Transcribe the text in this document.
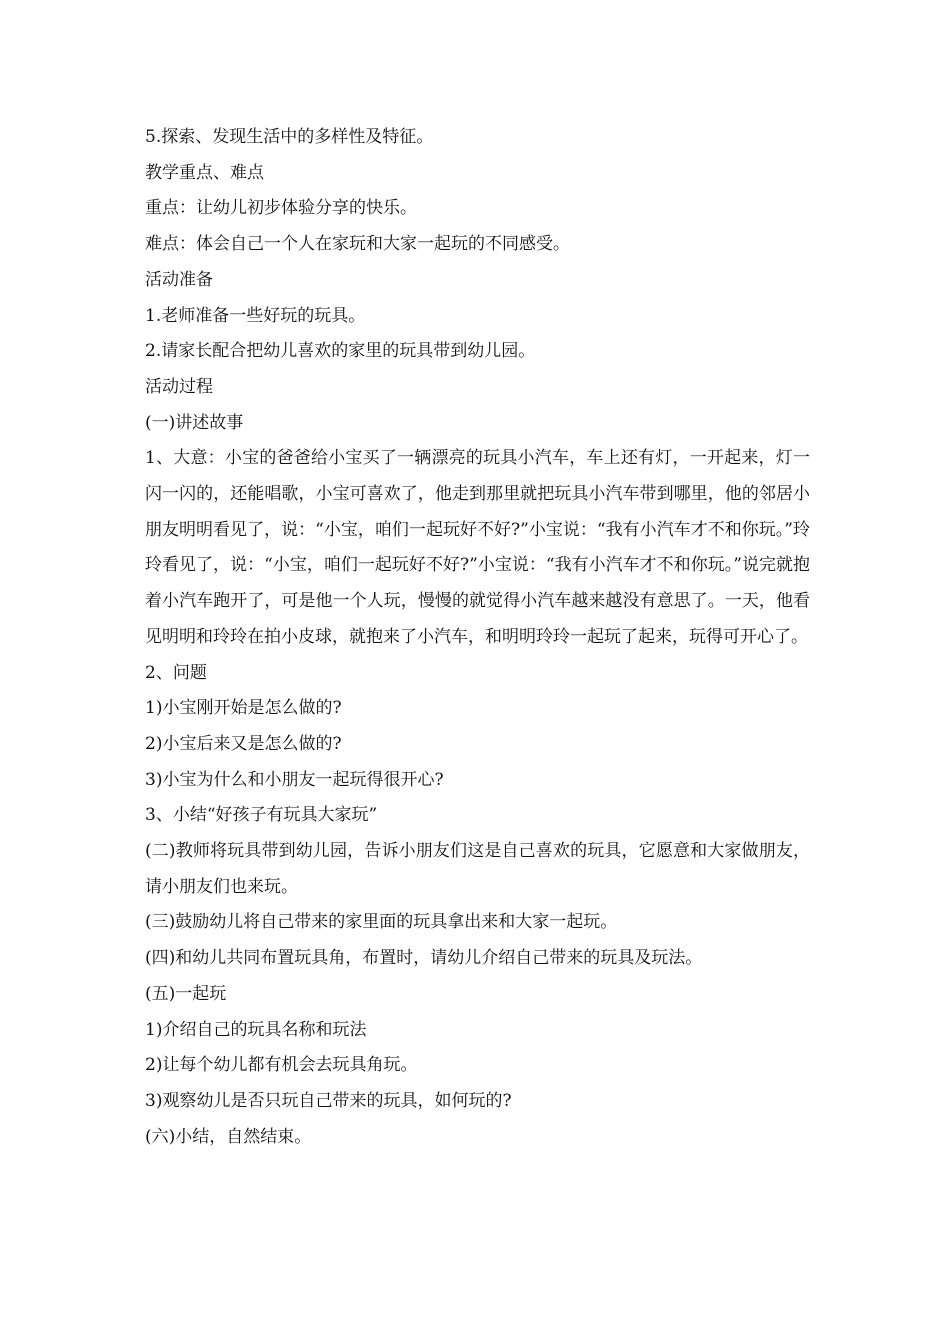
5.探索、发现生活中的多样性及特征。

教学重点、难点

重点：让幼儿初步体验分享的快乐。

难点：体会自己一个人在家玩和大家一起玩的不同感受。

活动准备

1.老师准备一些好玩的玩具。

2.请家长配合把幼儿喜欢的家里的玩具带到幼儿园。

活动过程

(一)讲述故事

1、大意：小宝的爸爸给小宝买了一辆漂亮的玩具小汽车，车上还有灯，一开起来，灯一闪一闪的，还能唱歌，小宝可喜欢了，他走到那里就把玩具小汽车带到哪里，他的邻居小朋友明明看见了，说：“小宝，咱们一起玩好不好?”小宝说：“我有小汽车才不和你玩。”玲玲看见了，说：“小宝，咱们一起玩好不好?”小宝说：“我有小汽车才不和你玩。”说完就抱着小汽车跑开了，可是他一个人玩，慢慢的就觉得小汽车越来越没有意思了。一天，他看见明明和玲玲在拍小皮球，就抱来了小汽车，和明明玲玲一起玩了起来，玩得可开心了。

2、问题

1)小宝刚开始是怎么做的?

2)小宝后来又是怎么做的?

3)小宝为什么和小朋友一起玩得很开心?

3、小结“好孩子有玩具大家玩”

(二)教师将玩具带到幼儿园，告诉小朋友们这是自己喜欢的玩具，它愿意和大家做朋友，请小朋友们也来玩。

(三)鼓励幼儿将自己带来的家里面的玩具拿出来和大家一起玩。

(四)和幼儿共同布置玩具角，布置时，请幼儿介绍自己带来的玩具及玩法。

(五)一起玩

1)介绍自己的玩具名称和玩法

2)让每个幼儿都有机会去玩具角玩。

3)观察幼儿是否只玩自己带来的玩具，如何玩的?

(六)小结，自然结束。
